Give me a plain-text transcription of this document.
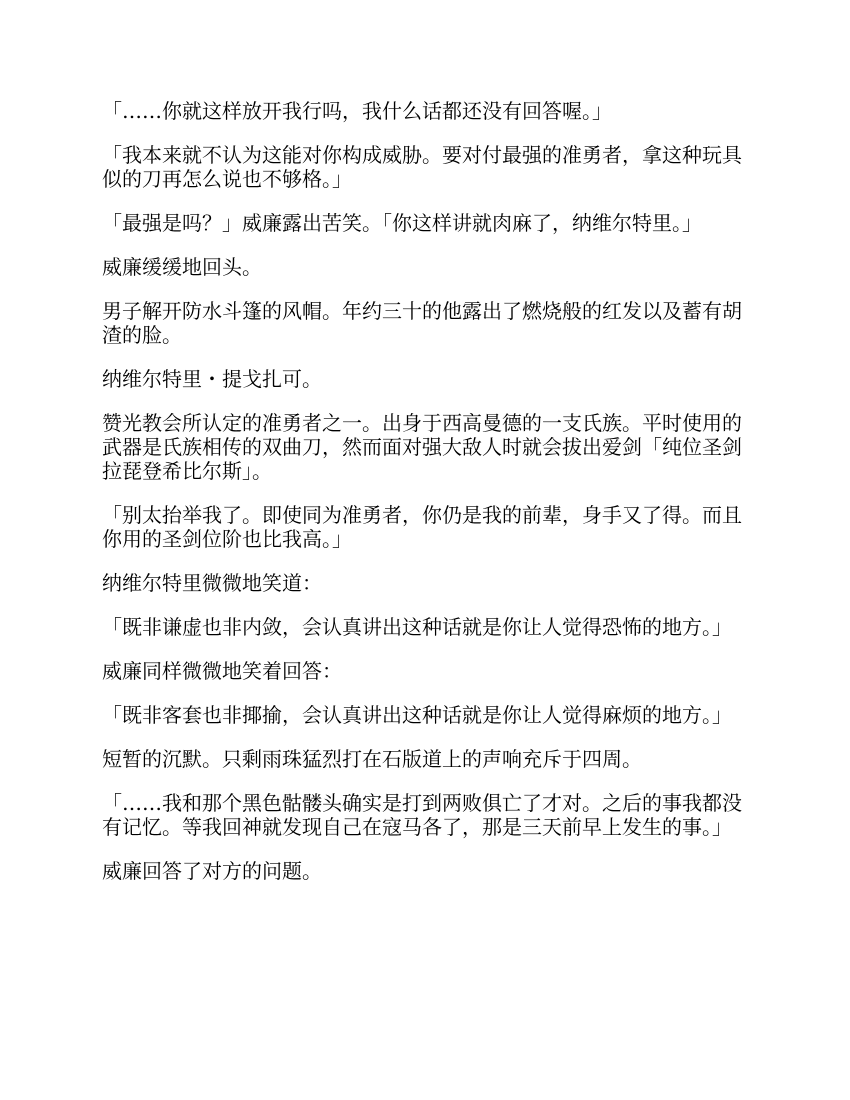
「……你就这样放开我行吗，我什么话都还没有回答喔。」

「我本来就不认为这能对你构成威胁。要对付最强的准勇者，拿这种玩具似的刀再怎么说也不够格。」

「最强是吗？」威廉露出苦笑。「你这样讲就肉麻了，纳维尔特里。」

威廉缓缓地回头。

男子解开防水斗篷的风帽。年约三十的他露出了燃烧般的红发以及蓄有胡渣的脸。

纳维尔特里・提戈扎可。

赞光教会所认定的准勇者之一。出身于西高曼德的一支氏族。平时使用的武器是氏族相传的双曲刀，然而面对强大敌人时就会拔出爱剑「纯位圣剑拉琵登希比尔斯」。

「别太抬举我了。即使同为准勇者，你仍是我的前辈，身手又了得。而且你用的圣剑位阶也比我高。」

纳维尔特里微微地笑道：

「既非谦虚也非内敛，会认真讲出这种话就是你让人觉得恐怖的地方。」

威廉同样微微地笑着回答：

「既非客套也非揶揄，会认真讲出这种话就是你让人觉得麻烦的地方。」

短暂的沉默。只剩雨珠猛烈打在石版道上的声响充斥于四周。

「……我和那个黑色骷髅头确实是打到两败俱亡了才对。之后的事我都没有记忆。等我回神就发现自己在寇马各了，那是三天前早上发生的事。」

威廉回答了对方的问题。
